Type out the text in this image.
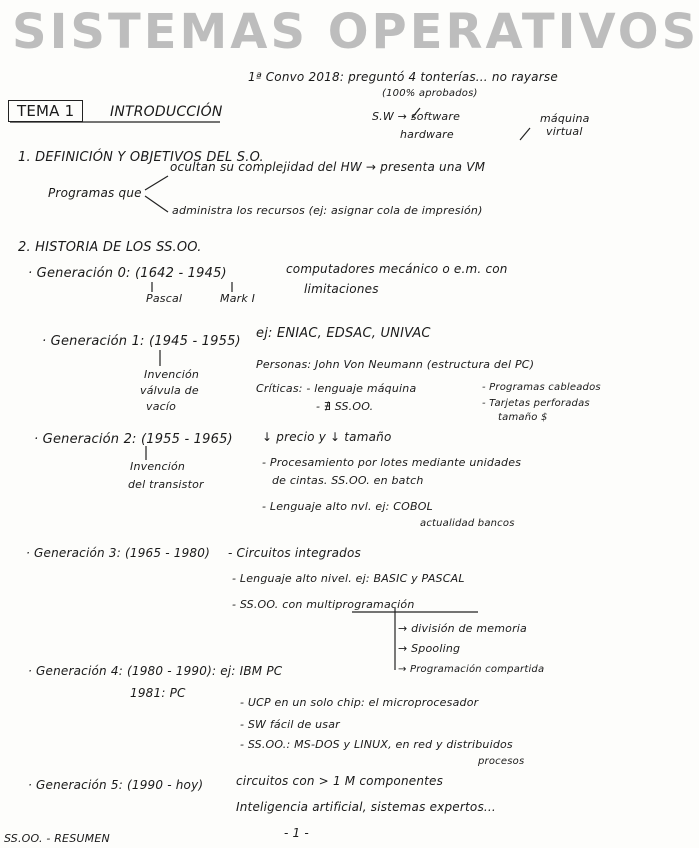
SISTEMAS OPERATIVOS
TEMA 1	INTRODUCCIÓN
1ª Convo 2018: preguntó 4 tonterías... no rayarse
(100% aprobados)
S.W → software
hardware
máquina
virtual
1. DEFINICIÓN Y OBJETIVOS DEL S.O.
Programas que
ocultan su complejidad del HW → presenta una VM
administra los recursos (ej: asignar cola de impresión)
2. HISTORIA DE LOS SS.OO.
· Generación 0: (1642 - 1945)
Pascal	Mark I
computadores mecánico o e.m. con
limitaciones
· Generación 1: (1945 - 1955)
ej: ENIAC, EDSAC, UNIVAC
Invención
válvula de
vacío
Personas: John Von Neumann (estructura del PC)
Críticas: - lenguaje máquina
- ∄ SS.OO.
- Programas cableados
- Tarjetas perforadas
tamaño $
· Generación 2: (1955 - 1965) ↓ precio y ↓ tamaño
Invención
del transistor
- Procesamiento por lotes mediante unidades
de cintas. SS.OO. en batch
- Lenguaje alto nvl. ej: COBOL
actualidad bancos
· Generación 3: (1965 - 1980) - Circuitos integrados
- Lenguaje alto nivel. ej: BASIC y PASCAL
- SS.OO. con multiprogramación
→ división de memoria
→ Spooling
→ Programación compartida
· Generación 4: (1980 - 1990): ej: IBM PC
1981: PC
- UCP en un solo chip: el microprocesador
- SW fácil de usar
- SS.OO.: MS-DOS y LINUX, en red y distribuidos
procesos
· Generación 5: (1990 - hoy)	circuitos con > 1 M componentes
Inteligencia artificial, sistemas expertos...
SS.OO. - RESUMEN	- 1 -
